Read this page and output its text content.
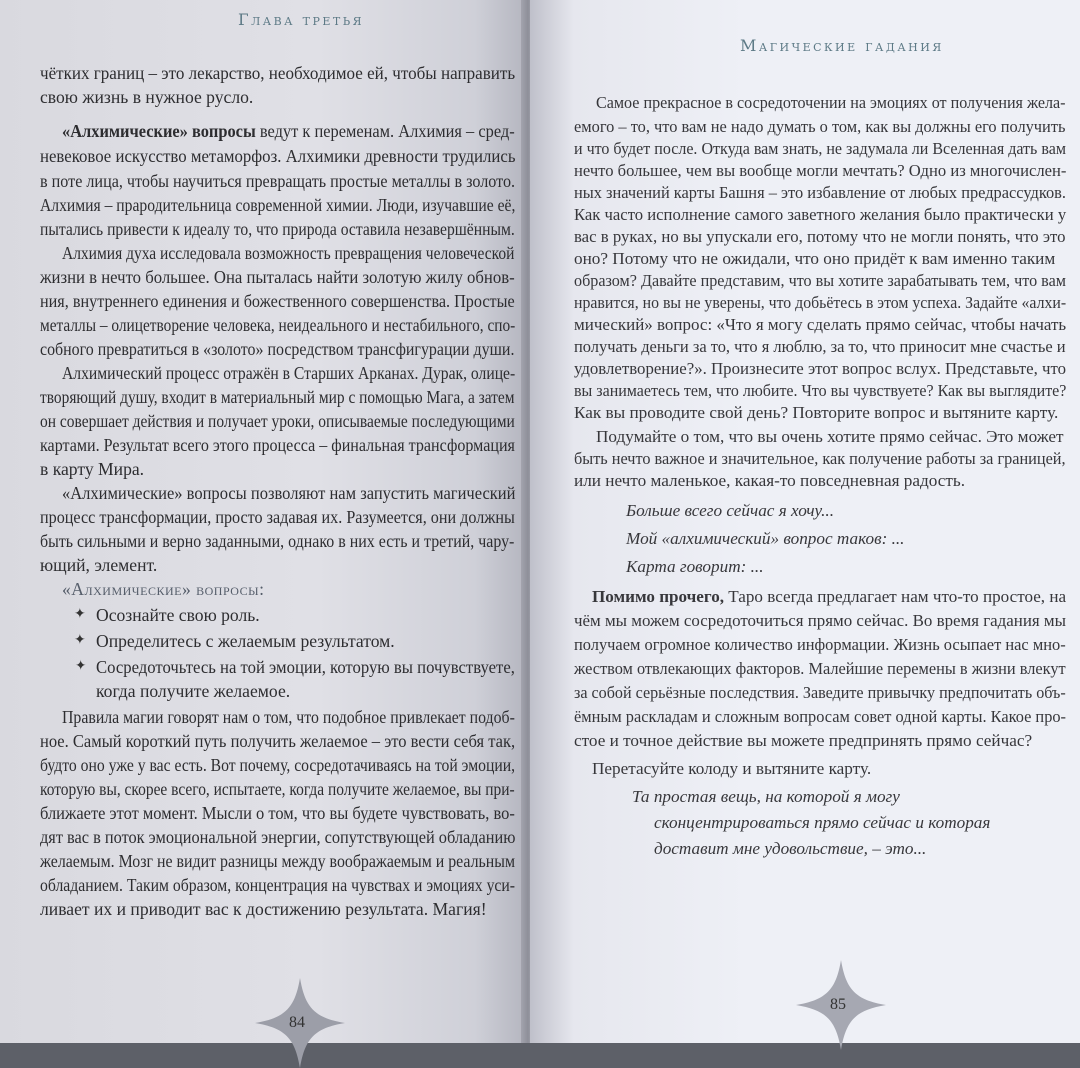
Глава третья
Магические гадания
чётких границ – это лекарство, необходимое ей, чтобы направить
свою жизнь в нужное русло.
«Алхимические» вопросы ведут к переменам. Алхимия – сред-
невековое искусство метаморфоз. Алхимики древности трудились
в поте лица, чтобы научиться превращать простые металлы в золото.
Алхимия – прародительница современной химии. Люди, изучавшие её,
пытались привести к идеалу то, что природа оставила незавершённым.
Алхимия духа исследовала возможность превращения человеческой
жизни в нечто большее. Она пыталась найти золотую жилу обнов-
ния, внутреннего единения и божественного совершенства. Простые
металлы – олицетворение человека, неидеального и нестабильного, спо-
собного превратиться в «золото» посредством трансфигурации души.
Алхимический процесс отражён в Старших Арканах. Дурак, олице-
творяющий душу, входит в материальный мир с помощью Мага, а затем
он совершает действия и получает уроки, описываемые последующими
картами. Результат всего этого процесса – финальная трансформация
в карту Мира.
«Алхимические» вопросы позволяют нам запустить магический
процесс трансформации, просто задавая их. Разумеется, они должны
быть сильными и верно заданными, однако в них есть и третий, чару-
ющий, элемент.
«Алхимические» вопросы:
✦ Осознайте свою роль.
✦ Определитесь с желаемым результатом.
✦ Сосредоточьтесь на той эмоции, которую вы почувствуете,
когда получите желаемое.
Правила магии говорят нам о том, что подобное привлекает подоб-
ное. Самый короткий путь получить желаемое – это вести себя так,
будто оно уже у вас есть. Вот почему, сосредотачиваясь на той эмоции,
которую вы, скорее всего, испытаете, когда получите желаемое, вы при-
ближаете этот момент. Мысли о том, что вы будете чувствовать, во-
дят вас в поток эмоциональной энергии, сопутствующей обладанию
желаемым. Мозг не видит разницы между воображаемым и реальным
обладанием. Таким образом, концентрация на чувствах и эмоциях уси-
ливает их и приводит вас к достижению результата. Магия!
Самое прекрасное в сосредоточении на эмоциях от получения жела-
емого – то, что вам не надо думать о том, как вы должны его получить
и что будет после. Откуда вам знать, не задумала ли Вселенная дать вам
нечто большее, чем вы вообще могли мечтать? Одно из многочислен-
ных значений карты Башня – это избавление от любых предрассудков.
Как часто исполнение самого заветного желания было практически у
вас в руках, но вы упускали его, потому что не могли понять, что это
оно? Потому что не ожидали, что оно придёт к вам именно таким
образом? Давайте представим, что вы хотите зарабатывать тем, что вам
нравится, но вы не уверены, что добьётесь в этом успеха. Задайте «алхи-
мический» вопрос: «Что я могу сделать прямо сейчас, чтобы начать
получать деньги за то, что я люблю, за то, что приносит мне счастье и
удовлетворение?». Произнесите этот вопрос вслух. Представьте, что
вы занимаетесь тем, что любите. Что вы чувствуете? Как вы выглядите?
Как вы проводите свой день? Повторите вопрос и вытяните карту.
Подумайте о том, что вы очень хотите прямо сейчас. Это может
быть нечто важное и значительное, как получение работы за границей,
или нечто маленькое, какая-то повседневная радость.
Больше всего сейчас я хочу...
Мой «алхимический» вопрос таков: ...
Карта говорит: ...
Помимо прочего, Таро всегда предлагает нам что-то простое, на
чём мы можем сосредоточиться прямо сейчас. Во время гадания мы
получаем огромное количество информации. Жизнь осыпает нас мно-
жеством отвлекающих факторов. Малейшие перемены в жизни влекут
за собой серьёзные последствия. Заведите привычку предпочитать объ-
ёмным раскладам и сложным вопросам совет одной карты. Какое про-
стое и точное действие вы можете предпринять прямо сейчас?
Перетасуйте колоду и вытяните карту.
Та простая вещь, на которой я могу
сконцентрироваться прямо сейчас и которая
доставит мне удовольствие, – это...
84
85
